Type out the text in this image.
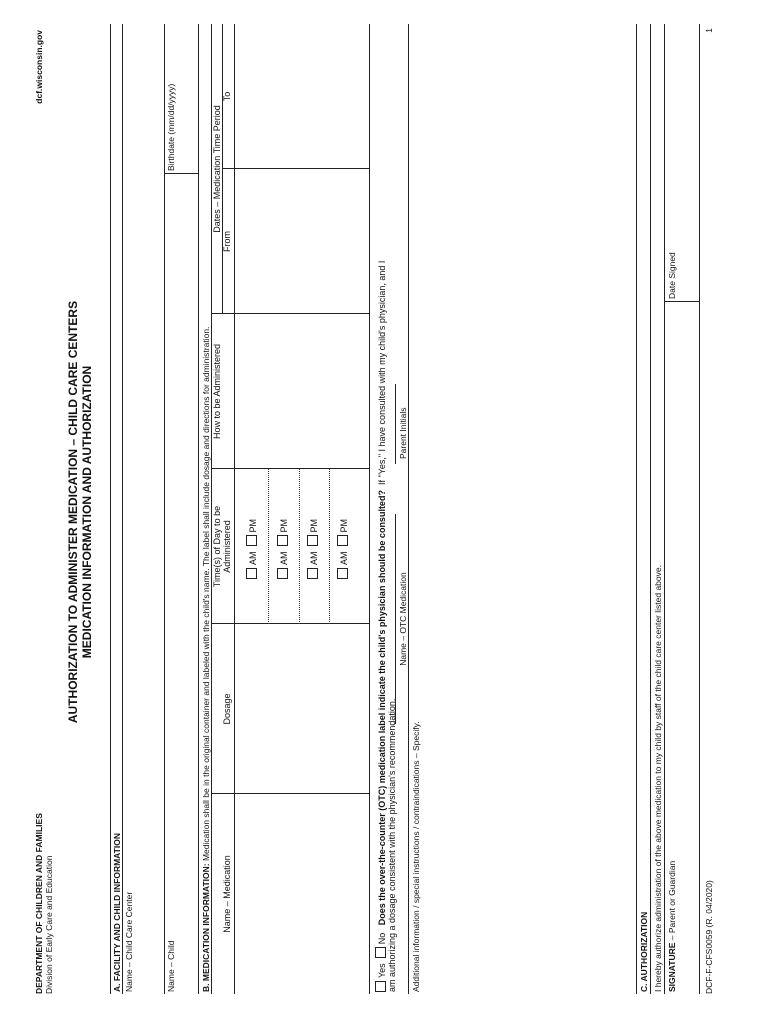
DEPARTMENT OF CHILDREN AND FAMILIES Division of Early Care and Education
dcf.wisconsin.gov
AUTHORIZATION TO ADMINISTER MEDICATION – CHILD CARE CENTERS MEDICATION INFORMATION AND AUTHORIZATION
A. FACILITY AND CHILD INFORMATION Name – Child Care Center	Name – Child
Birthdate (mm/dd/yyyy)
B. MEDICATION INFORMATION: Medication shall be in the original container and labeled with the child's name. The label shall include dosage and directions for administration.
Name – Medication
Dosage
Time(s) of Day to be Administered
How to be Administered
Dates – Medication Time Period
From
To
AM  PM
AM  PM
AM  PM
AM  PM
Yes  No   Does the over-the-counter (OTC) medication label indicate the child's physician should be consulted?  If "Yes," I have consulted with my child's physician, and I
am authorizing a dosage consistent with the physician's recommendation.
Name – OTC Medication
Parent Initials
Additional information / special instructions / contraindications – Specify.	C. AUTHORIZATION I hereby authorize administration of the above medication to my child by staff of the child care center listed above. SIGNATURE – Parent or Guardian
Date Signed
DCF-F-CFS0059 (R. 04/2020)
1
